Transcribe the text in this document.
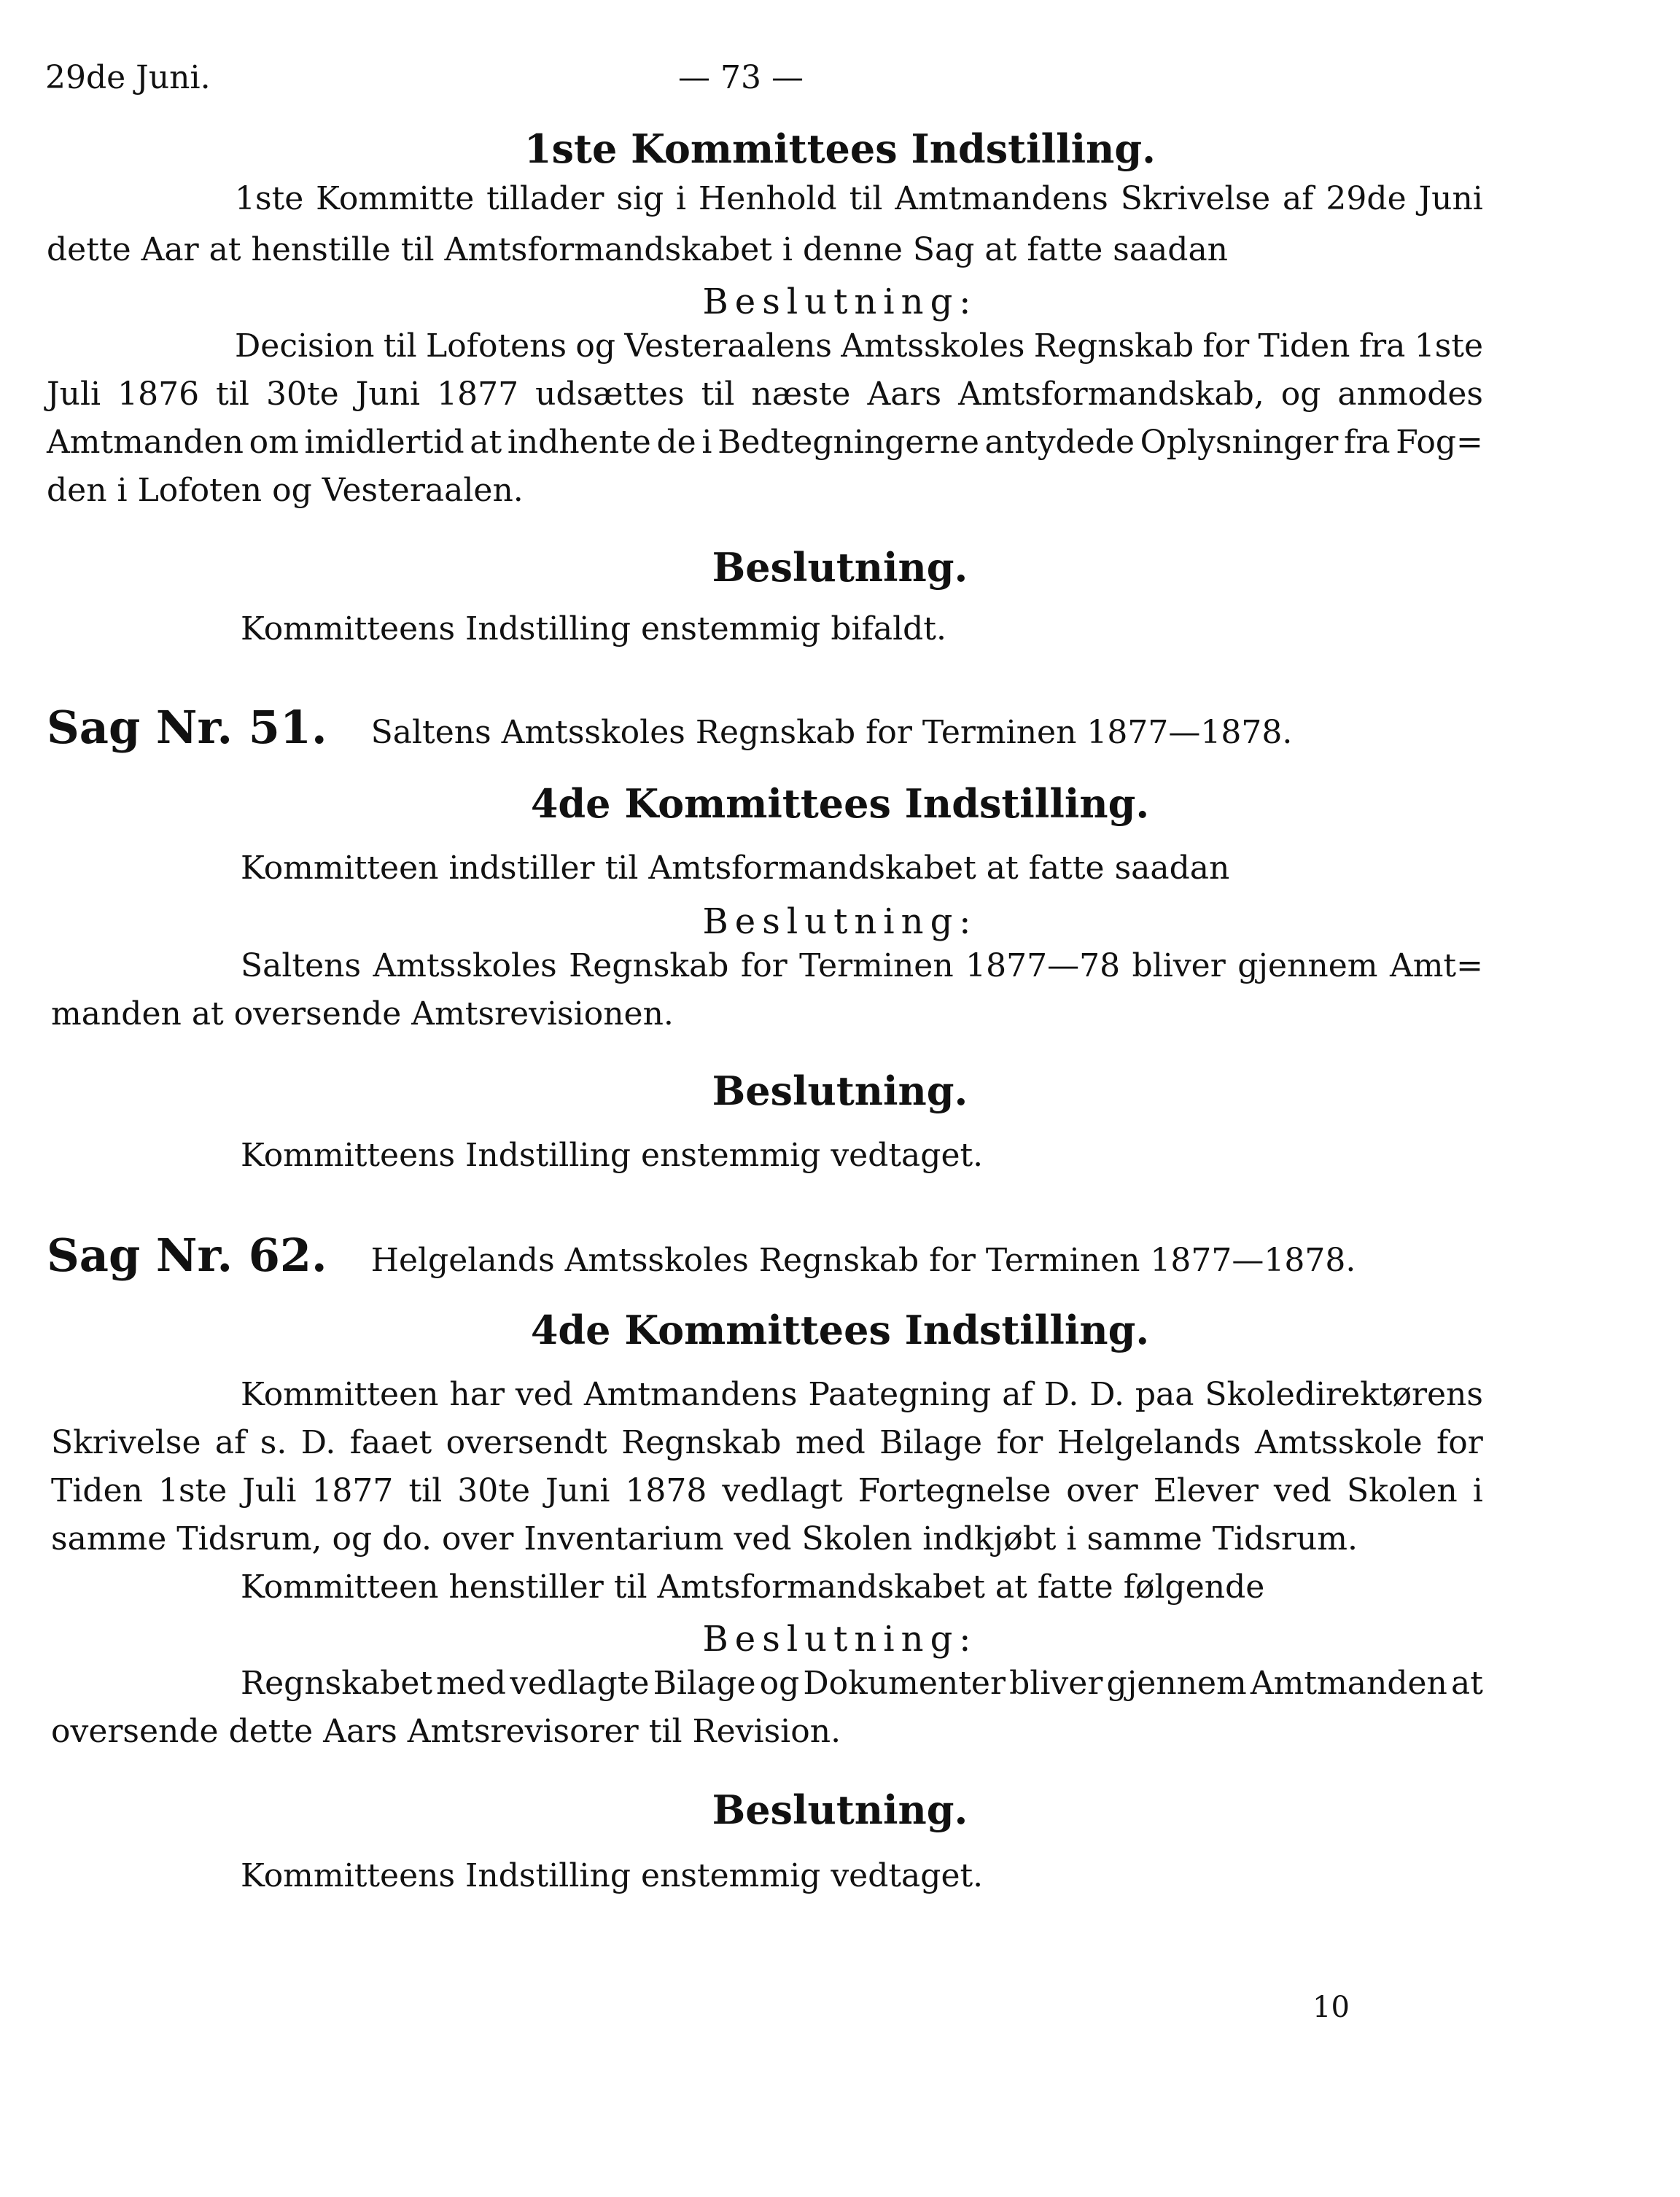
29de Juni.	— 73 —
1ste Kommittees Indstilling.
1ste Kommitte tillader sig i Henhold til Amtmandens Skrivelse af 29de Juni
dette Aar at henstille til Amtsformandskabet i denne Sag at fatte saadan
Beslutning:
Decision til Lofotens og Vesteraalens Amtsskoles Regnskab for Tiden fra 1ste
Juli 1876 til 30te Juni 1877 udsættes til næste Aars Amtsformandskab, og anmodes
Amtmanden om imidlertid at indhente de i Bedtegningerne antydede Oplysninger fra Fog=
den i Lofoten og Vesteraalen.
Beslutning.
Kommitteens Indstilling enstemmig bifaldt.
Sag Nr. 51. Saltens Amtsskoles Regnskab for Terminen 1877—1878.
4de Kommittees Indstilling.
Kommitteen indstiller til Amtsformandskabet at fatte saadan
Beslutning:
Saltens Amtsskoles Regnskab for Terminen 1877—78 bliver gjennem Amt=
manden at oversende Amtsrevisionen.
Beslutning.
Kommitteens Indstilling enstemmig vedtaget.
Sag Nr. 62. Helgelands Amtsskoles Regnskab for Terminen 1877—1878.
4de Kommittees Indstilling.
Kommitteen har ved Amtmandens Paategning af D. D. paa Skoledirektørens
Skrivelse af s. D. faaet oversendt Regnskab med Bilage for Helgelands Amtsskole for
Tiden 1ste Juli 1877 til 30te Juni 1878 vedlagt Fortegnelse over Elever ved Skolen i
samme Tidsrum, og do. over Inventarium ved Skolen indkjøbt i samme Tidsrum.
Kommitteen henstiller til Amtsformandskabet at fatte følgende
Beslutning:
Regnskabet med vedlagte Bilage og Dokumenter bliver gjennem Amtmanden at
oversende dette Aars Amtsrevisorer til Revision.
Beslutning.
Kommitteens Indstilling enstemmig vedtaget.
10
